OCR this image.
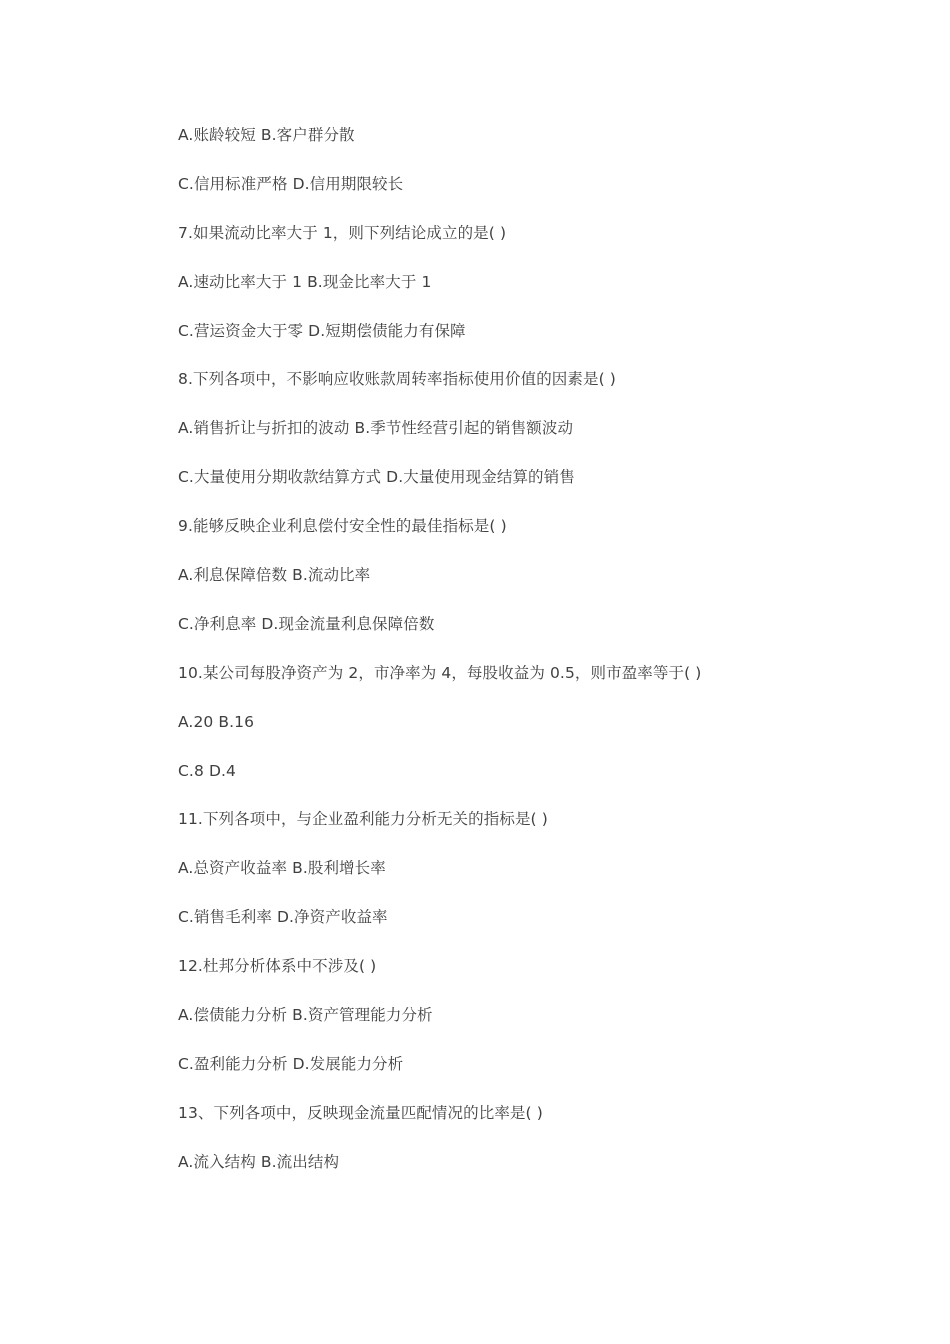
A.账龄较短 B.客户群分散
C.信用标准严格 D.信用期限较长
7.如果流动比率大于 1，则下列结论成立的是( )
A.速动比率大于 1 B.现金比率大于 1
C.营运资金大于零 D.短期偿债能力有保障
8.下列各项中，不影响应收账款周转率指标使用价值的因素是( )
A.销售折让与折扣的波动 B.季节性经营引起的销售额波动
C.大量使用分期收款结算方式 D.大量使用现金结算的销售
9.能够反映企业利息偿付安全性的最佳指标是( )
A.利息保障倍数 B.流动比率
C.净利息率 D.现金流量利息保障倍数
10.某公司每股净资产为 2，市净率为 4，每股收益为 0.5，则市盈率等于( )
A.20 B.16
C.8 D.4
11.下列各项中，与企业盈利能力分析无关的指标是( )
A.总资产收益率 B.股利增长率
C.销售毛利率 D.净资产收益率
12.杜邦分析体系中不涉及( )
A.偿债能力分析 B.资产管理能力分析
C.盈利能力分析 D.发展能力分析
13、下列各项中，反映现金流量匹配情况的比率是( )
A.流入结构 B.流出结构
